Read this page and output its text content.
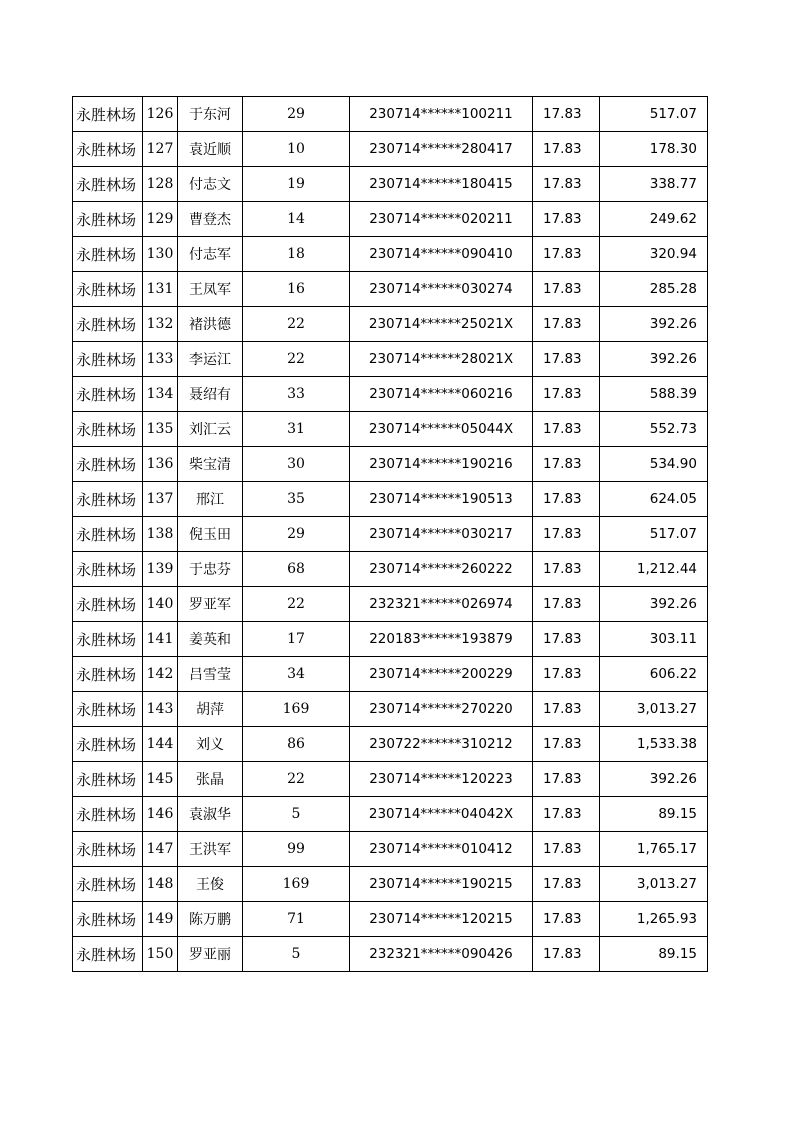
永胜林场	126	于东河	29	230714******100211	17.83	517.07
永胜林场	127	袁近顺	10	230714******280417	17.83	178.30
永胜林场	128	付志文	19	230714******180415	17.83	338.77
永胜林场	129	曹登杰	14	230714******020211	17.83	249.62
永胜林场	130	付志军	18	230714******090410	17.83	320.94
永胜林场	131	王凤军	16	230714******030274	17.83	285.28
永胜林场	132	褚洪德	22	230714******25021X	17.83	392.26
永胜林场	133	李运江	22	230714******28021X	17.83	392.26
永胜林场	134	聂绍有	33	230714******060216	17.83	588.39
永胜林场	135	刘汇云	31	230714******05044X	17.83	552.73
永胜林场	136	柴宝清	30	230714******190216	17.83	534.90
永胜林场	137	邢江	35	230714******190513	17.83	624.05
永胜林场	138	倪玉田	29	230714******030217	17.83	517.07
永胜林场	139	于忠芬	68	230714******260222	17.83	1,212.44
永胜林场	140	罗亚军	22	232321******026974	17.83	392.26
永胜林场	141	姜英和	17	220183******193879	17.83	303.11
永胜林场	142	吕雪莹	34	230714******200229	17.83	606.22
永胜林场	143	胡萍	169	230714******270220	17.83	3,013.27
永胜林场	144	刘义	86	230722******310212	17.83	1,533.38
永胜林场	145	张晶	22	230714******120223	17.83	392.26
永胜林场	146	袁淑华	5	230714******04042X	17.83	89.15
永胜林场	147	王洪军	99	230714******010412	17.83	1,765.17
永胜林场	148	王俊	169	230714******190215	17.83	3,013.27
永胜林场	149	陈万鹏	71	230714******120215	17.83	1,265.93
永胜林场	150	罗亚丽	5	232321******090426	17.83	89.15
